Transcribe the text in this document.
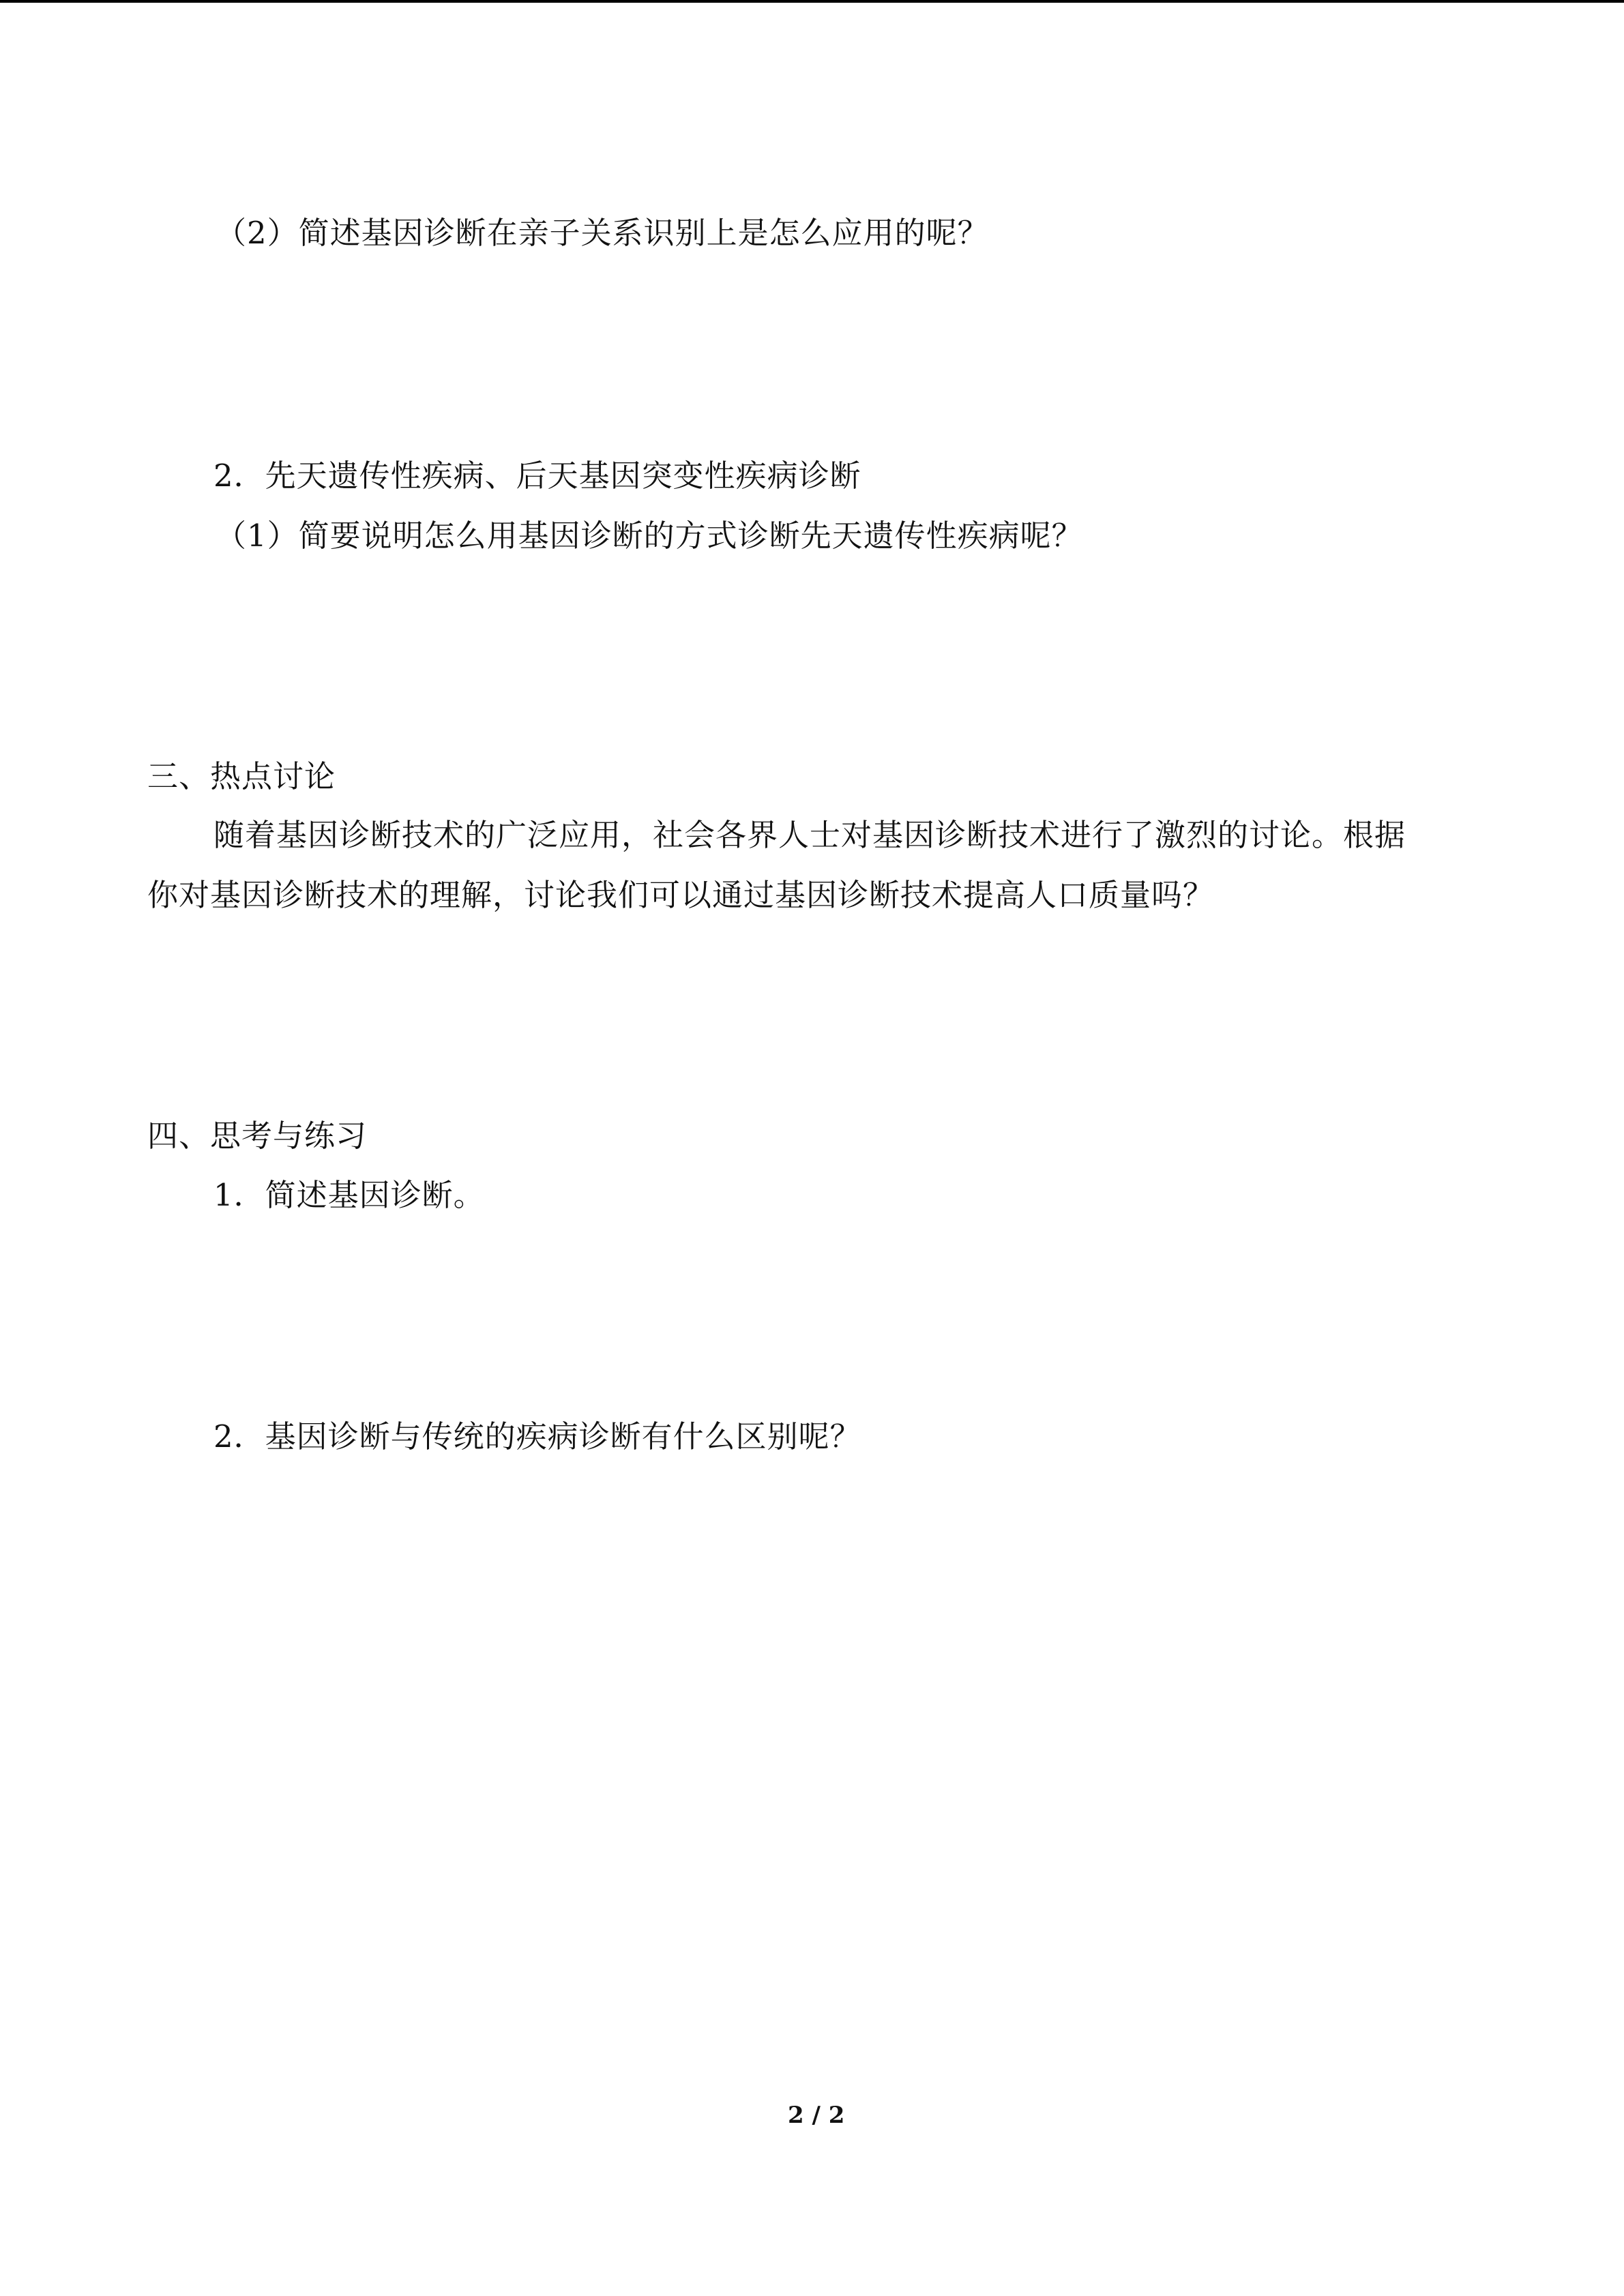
（2）简述基因诊断在亲子关系识别上是怎么应用的呢？
2．先天遗传性疾病、后天基因突变性疾病诊断
（1）简要说明怎么用基因诊断的方式诊断先天遗传性疾病呢？
三、热点讨论
随着基因诊断技术的广泛应用，社会各界人士对基因诊断技术进行了激烈的讨论。根据
你对基因诊断技术的理解，讨论我们可以通过基因诊断技术提高人口质量吗？
四、思考与练习
1．简述基因诊断。
2．基因诊断与传统的疾病诊断有什么区别呢？
2 / 2
